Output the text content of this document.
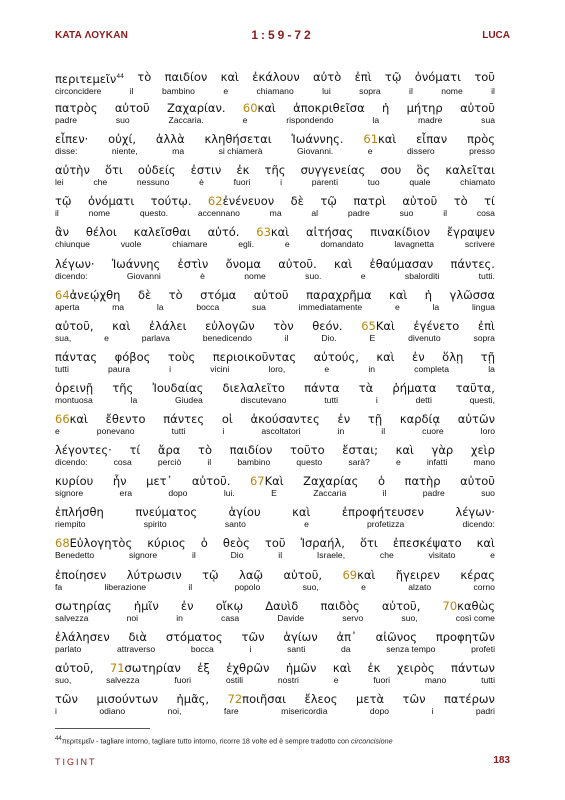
ΚΑΤΑ ΛΟΥΚΑΝ	1:59-72	LUCA
περιτεμεῖν$^{44}$ τὸ παιδίον καὶ ἐκάλουν αὐτὸ ἐπὶ τῷ ὀνόματι τοῦ
circoncidere	il	bambino	e	chiamano	lui	sopra	il	nome	il
πατρὸς αὐτοῦ Ζαχαρίαν. 60καὶ ἀποκριθεῖσα ἡ μήτηρ αὐτοῦ
padre	suo	Zaccaria.	e	rispondendo	la	madre	sua
εἶπεν· οὐχί, ἀλλὰ κληθήσεται Ἰωάννης. 61καὶ εἶπαν πρὸς
disse:	niente,	ma	si chiamerà	Giovanni.	e	dissero	presso
αὐτὴν ὅτι οὐδείς ἐστιν ἐκ τῆς συγγενείας σου ὃς καλεῖται
lei	che	nessuno	è	fuori	i	parenti	tuo	quale	chiamato
τῷ ὀνόματι τούτῳ. 62ἐνένευον δὲ τῷ πατρὶ αὐτοῦ τὸ τί
il	nome	questo.	accennano	ma	al	padre	suo	il	cosa
ἂν θέλοι καλεῖσθαι αὐτό. 63καὶ αἰτήσας πινακίδιον ἔγραψεν
chiunque	vuole	chiamare	egli.	e	domandato	lavagnetta	scrivere
λέγων· Ἰωάννης ἐστὶν ὄνομα αὐτοῦ. καὶ ἐθαύμασαν πάντες.
dicendo:	Giovanni	è	nome	suo.	e	sbalorditi	tutti.
64ἀνεῴχθη δὲ τὸ στόμα αὐτοῦ παραχρῆμα καὶ ἡ γλῶσσα
aperta	ma	la	bocca	sua	immediatamente	e	la	lingua
αὐτοῦ, καὶ ἐλάλει εὐλογῶν τὸν θεόν. 65Καὶ ἐγένετο ἐπὶ
sua,	e	parlava	benedicendo	il	Dio.	E	divenuto	sopra
πάντας φόβος τοὺς περιοικοῦντας αὐτούς, καὶ ἐν ὅλῃ τῇ
tutti	paura	i	vicini	loro,	e	in	completa	la
ὀρεινῇ τῆς Ἰουδαίας διελαλεῖτο πάντα τὰ ῥήματα ταῦτα,
montuosa	la	Giudea	discutevano	tutti	i	detti	questi,
66καὶ ἔθεντο πάντες οἱ ἀκούσαντες ἐν τῇ καρδίᾳ αὐτῶν
e	ponevano	tutti	i	ascoltatori	in	il	cuore	loro
λέγοντες· τί ἄρα τὸ παιδίον τοῦτο ἔσται; καὶ γὰρ χεὶρ
dicendo:	cosa	perciò	il	bambino	questo	sarà?	e	infatti	mano
κυρίου ἦν μετ᾽ αὐτοῦ. 67Καὶ Ζαχαρίας ὁ πατὴρ αὐτοῦ
signore	era	dopo	lui.	E	Zaccaria	il	padre	suo
ἐπλήσθη	πνεύματος	ἁγίου	καὶ	ἐπροφήτευσεν	λέγων·
riempito	spirito	santo	e	profetizza	dicendo:
68Εὐλογητὸς κύριος ὁ θεὸς τοῦ Ἰσραήλ, ὅτι ἐπεσκέψατο καὶ
Benedetto	signore	il	Dio	il	Israele,	che	visitato	e
ἐποίησεν λύτρωσιν τῷ λαῷ αὐτοῦ, 69καὶ ἤγειρεν κέρας
fa	liberazione	il	popolo	suo,	e	alzato	corno
σωτηρίας ἡμῖν ἐν οἴκῳ Δαυὶδ παιδὸς αὐτοῦ, 70καθὼς
salvezza	noi	in	casa	Davide	servo	suo,	così come
ἐλάλησεν διὰ στόματος τῶν ἁγίων ἀπ᾽ αἰῶνος προφητῶν
parlato	attraverso	bocca	i	santi	da	senza tempo	profeti
αὐτοῦ, 71σωτηρίαν ἐξ ἐχθρῶν ἡμῶν καὶ ἐκ χειρὸς πάντων
suo,	salvezza	fuori	ostili	nostri	e	fuori	mano	tutti
τῶν μισούντων ἡμᾶς, 72ποιῆσαι ἔλεος μετὰ τῶν πατέρων
i	odiano	noi,	fare	misericordia	dopo	i	padri
$^{44}$περιτεμεῖν - tagliare intorno, tagliare tutto intorno, ricorre 18 volte ed è sempre tradotto con circoncisione
TIGINT	183
